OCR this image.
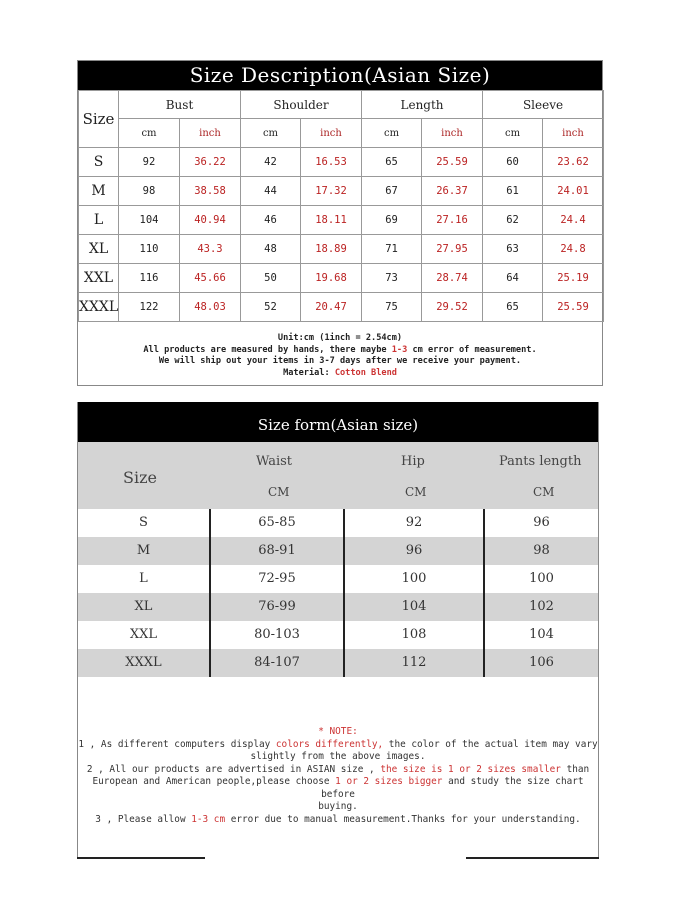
Size Description(Asian Size)
Size	Bust		Shoulder		Length		Sleeve	
	cm	inch	cm	inch	cm	inch	cm	inch
S	92	36.22	42	16.53	65	25.59	60	23.62
M	98	38.58	44	17.32	67	26.37	61	24.01
L	104	40.94	46	18.11	69	27.16	62	24.4
XL	110	43.3	48	18.89	71	27.95	63	24.8
XXL	116	45.66	50	19.68	73	28.74	64	25.19
XXXL	122	48.03	52	20.47	75	29.52	65	25.59
Unit:cm (1inch = 2.54cm)
All products are measured by hands, there maybe 1-3 cm error of measurement.
We will ship out your items in 3-7 days after we receive your payment.
Material: Cotton Blend
Size form(Asian size)
Size
Waist	Hip	Pants length
CM	CM	CM
S	65-85	92	96
M	68-91	96	98
L	72-95	100	100
XL	76-99	104	102
XXL	80-103	108	104
XXXL	84-107	112	106
* NOTE:
1 , As different computers display colors differently, the color of the actual item may vary
slightly from the above images.
2 , All our products are advertised in ASIAN size , the size is 1 or 2 sizes smaller than
European and American people,please choose 1 or 2 sizes bigger and study the size chart before
buying.
3 , Please allow 1-3 cm error due to manual measurement.Thanks for your understanding.
